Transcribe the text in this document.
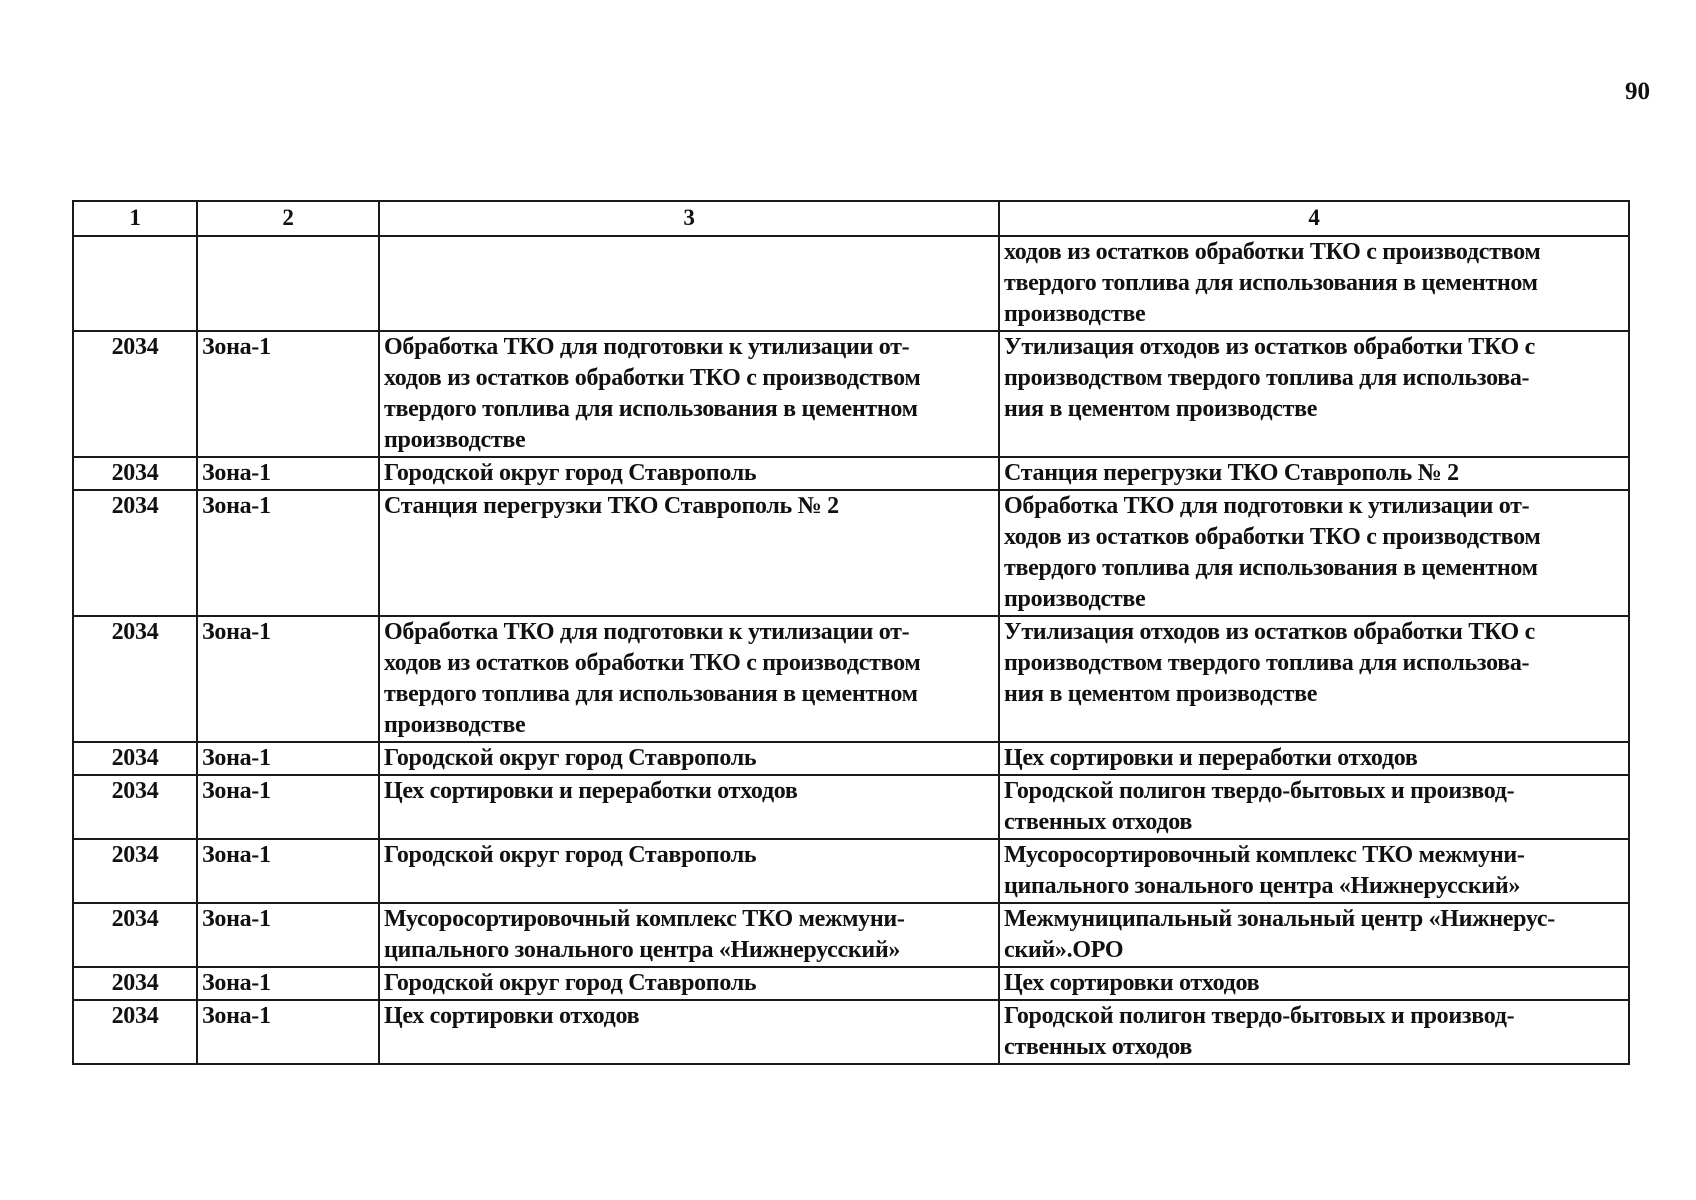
90
1	2	3	4

			ходов из остатков обработки ТКО с производством
твердого топлива для использования в цементном
производстве

2034	Зона-1	Обработка ТКО для подготовки к утилизации от-
ходов из остатков обработки ТКО с производством
твердого топлива для использования в цементном
производстве	Утилизация отходов из остатков обработки ТКО с
производством твердого топлива для использова-
ния в цементом производстве

2034	Зона-1	Городской округ город Ставрополь	Станция перегрузки ТКО Ставрополь № 2

2034	Зона-1	Станция перегрузки ТКО Ставрополь № 2	Обработка ТКО для подготовки к утилизации от-
ходов из остатков обработки ТКО с производством
твердого топлива для использования в цементном
производстве

2034	Зона-1	Обработка ТКО для подготовки к утилизации от-
ходов из остатков обработки ТКО с производством
твердого топлива для использования в цементном
производстве	Утилизация отходов из остатков обработки ТКО с
производством твердого топлива для использова-
ния в цементом производстве

2034	Зона-1	Городской округ город Ставрополь	Цех сортировки и переработки отходов

2034	Зона-1	Цех сортировки и переработки отходов	Городской полигон твердо-бытовых и производ-
ственных отходов

2034	Зона-1	Городской округ город Ставрополь	Мусоросортировочный комплекс ТКО межмуни-
ципального зонального центра «Нижнерусский»

2034	Зона-1	Мусоросортировочный комплекс ТКО межмуни-
ципального зонального центра «Нижнерусский»	Межмуниципальный зональный центр «Нижнерус-
ский».ОРО

2034	Зона-1	Городской округ город Ставрополь	Цех сортировки отходов

2034	Зона-1	Цех сортировки отходов	Городской полигон твердо-бытовых и производ-
ственных отходов
